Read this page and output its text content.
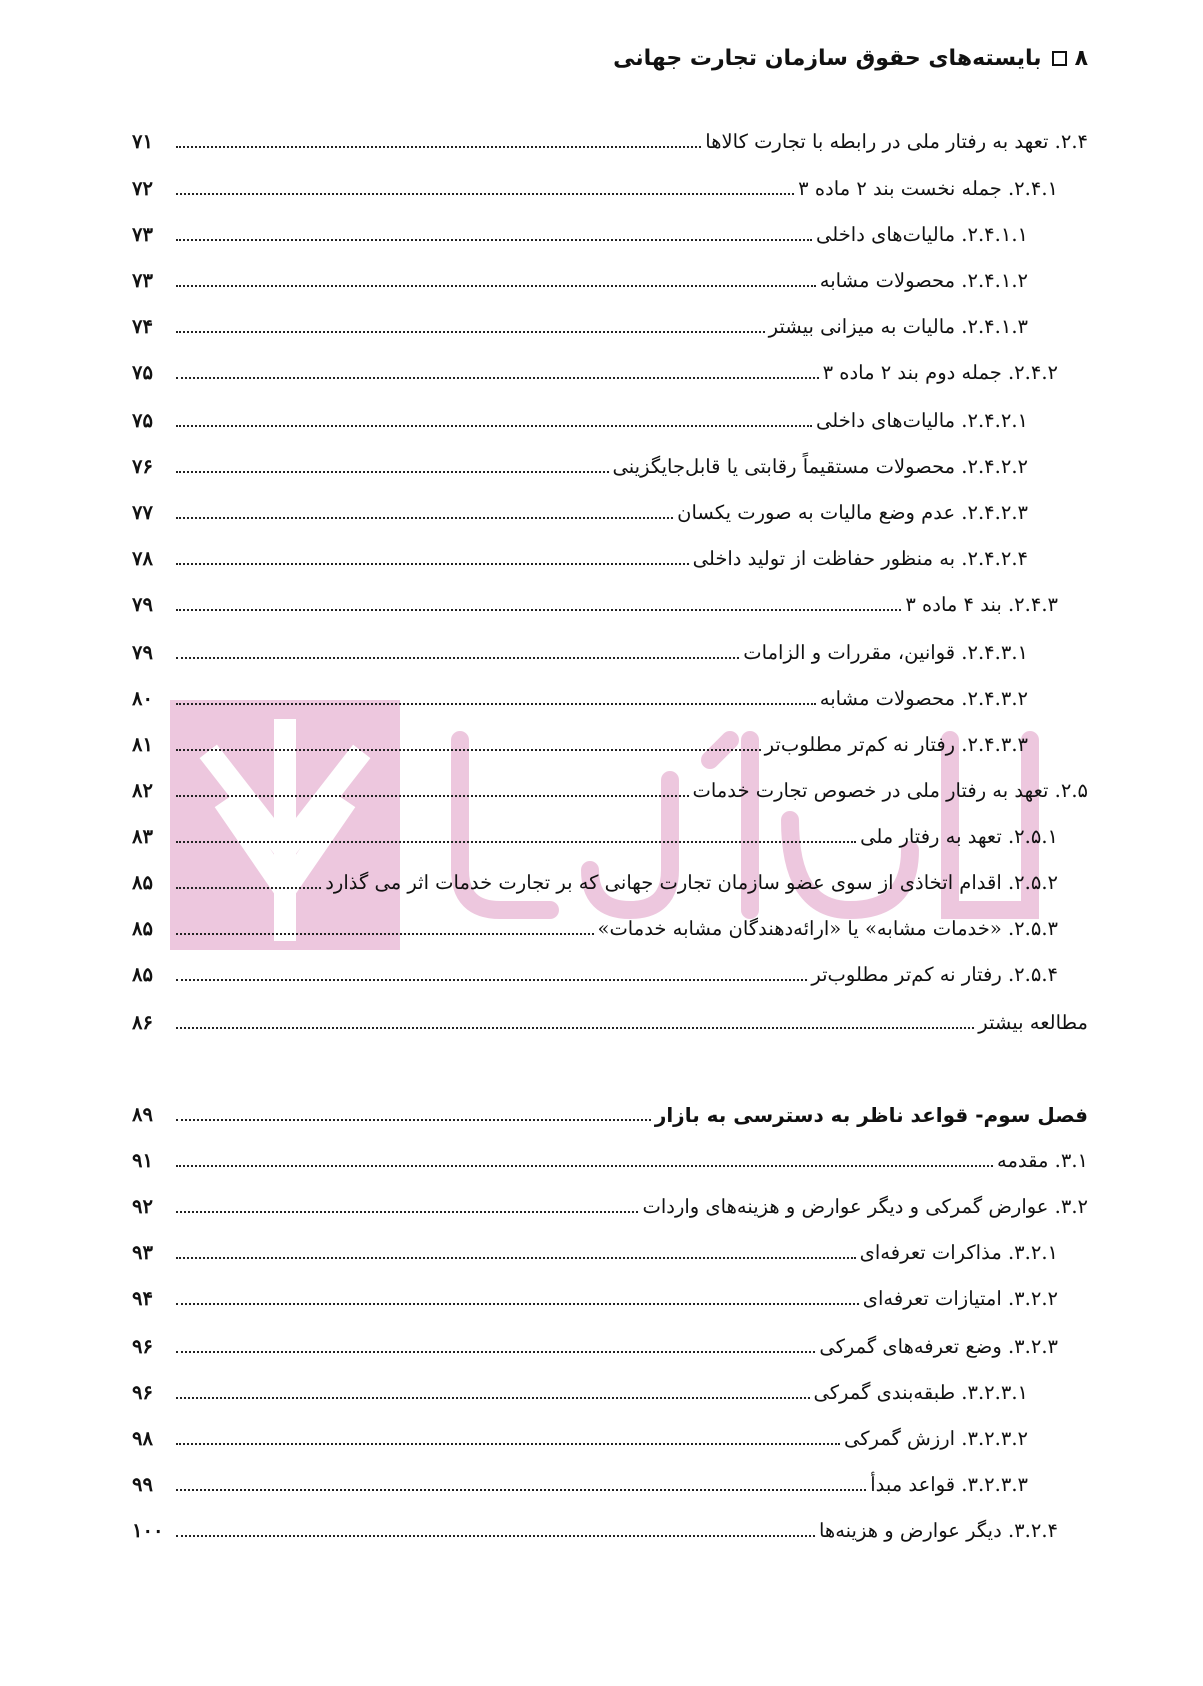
۸
بایسته‌های حقوق سازمان تجارت جهانی
۲.۴. تعهد به رفتار ملی در رابطه با تجارت کالاها
۷۱
۲.۴.۱. جمله نخست بند ۲ ماده ۳
۷۲
۲.۴.۱.۱. مالیات‌های داخلی
۷۳
۲.۴.۱.۲. محصولات مشابه
۷۳
۲.۴.۱.۳. مالیات به میزانی بیشتر
۷۴
۲.۴.۲. جمله دوم بند ۲ ماده ۳
۷۵
۲.۴.۲.۱. مالیات‌های داخلی
۷۵
۲.۴.۲.۲. محصولات مستقیماً رقابتی یا قابل‌جایگزینی
۷۶
۲.۴.۲.۳. عدم وضع مالیات به صورت یکسان
۷۷
۲.۴.۲.۴. به منظور حفاظت از تولید داخلی
۷۸
۲.۴.۳. بند ۴ ماده ۳
۷۹
۲.۴.۳.۱. قوانین، مقررات و الزامات
۷۹
۲.۴.۳.۲. محصولات مشابه
۸۰
۲.۴.۳.۳. رفتار نه کم‌تر مطلوب‌تر
۸۱
۲.۵. تعهد به رفتار ملی در خصوص تجارت خدمات
۸۲
۲.۵.۱. تعهد به رفتار ملی
۸۳
۲.۵.۲. اقدام اتخاذی از سوی عضو سازمان تجارت جهانی که بر تجارت خدمات اثر می گذارد
۸۵
۲.۵.۳. «خدمات مشابه» یا «ارائه‌دهندگان مشابه خدمات»
۸۵
۲.۵.۴. رفتار نه کم‌تر مطلوب‌تر
۸۵
مطالعه بیشتر
۸۶
فصل سوم- قواعد ناظر به دسترسی به بازار
۸۹
۳.۱. مقدمه
۹۱
۳.۲. عوارض گمرکی و دیگر عوارض و هزینه‌های واردات
۹۲
۳.۲.۱. مذاکرات تعرفه‌ای
۹۳
۳.۲.۲. امتیازات تعرفه‌ای
۹۴
۳.۲.۳. وضع تعرفه‌های گمرکی
۹۶
۳.۲.۳.۱. طبقه‌بندی گمرکی
۹۶
۳.۲.۳.۲. ارزش گمرکی
۹۸
۳.۲.۳.۳. قواعد مبدأ
۹۹
۳.۲.۴. دیگر عوارض و هزینه‌ها
۱۰۰
